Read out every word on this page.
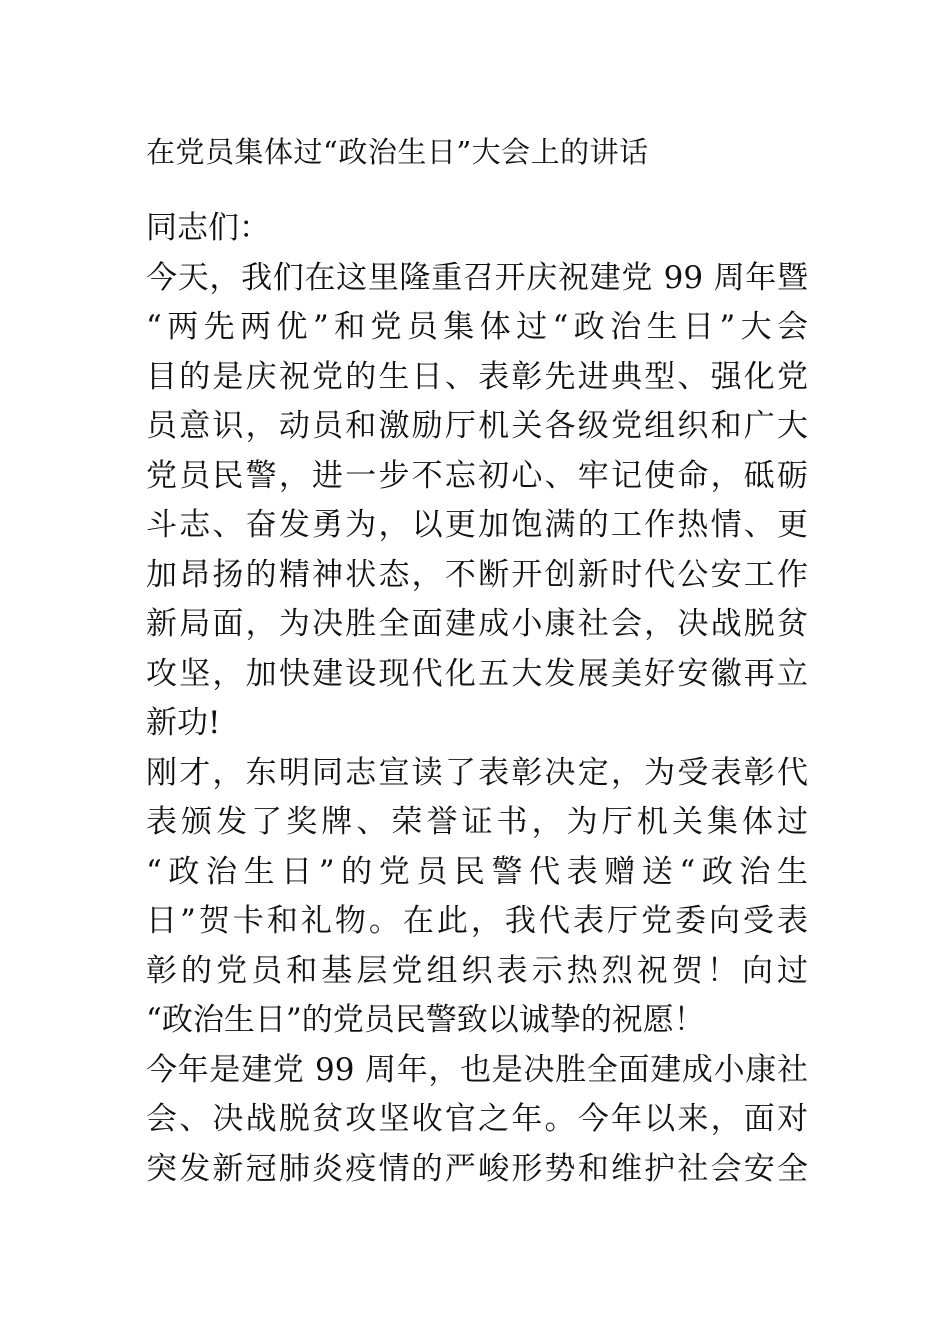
在党员集体过“政治生日”大会上的讲话
同志们：
今天，我们在这里隆重召开庆祝建党 99 周年暨
“两先两优”和党员集体过“政治生日”大会
目的是庆祝党的生日、表彰先进典型、强化党
员意识，动员和激励厅机关各级党组织和广大
党员民警，进一步不忘初心、牢记使命，砥砺
斗志、奋发勇为，以更加饱满的工作热情、更
加昂扬的精神状态，不断开创新时代公安工作
新局面，为决胜全面建成小康社会，决战脱贫
攻坚，加快建设现代化五大发展美好安徽再立
新功!
刚才，东明同志宣读了表彰决定，为受表彰代
表颁发了奖牌、荣誉证书，为厅机关集体过
“政治生日”的党员民警代表赠送“政治生
日”贺卡和礼物。在此，我代表厅党委向受表
彰的党员和基层党组织表示热烈祝贺！向过
“政治生日”的党员民警致以诚挚的祝愿！
今年是建党 99 周年，也是决胜全面建成小康社
会、决战脱贫攻坚收官之年。今年以来，面对
突发新冠肺炎疫情的严峻形势和维护社会安全
